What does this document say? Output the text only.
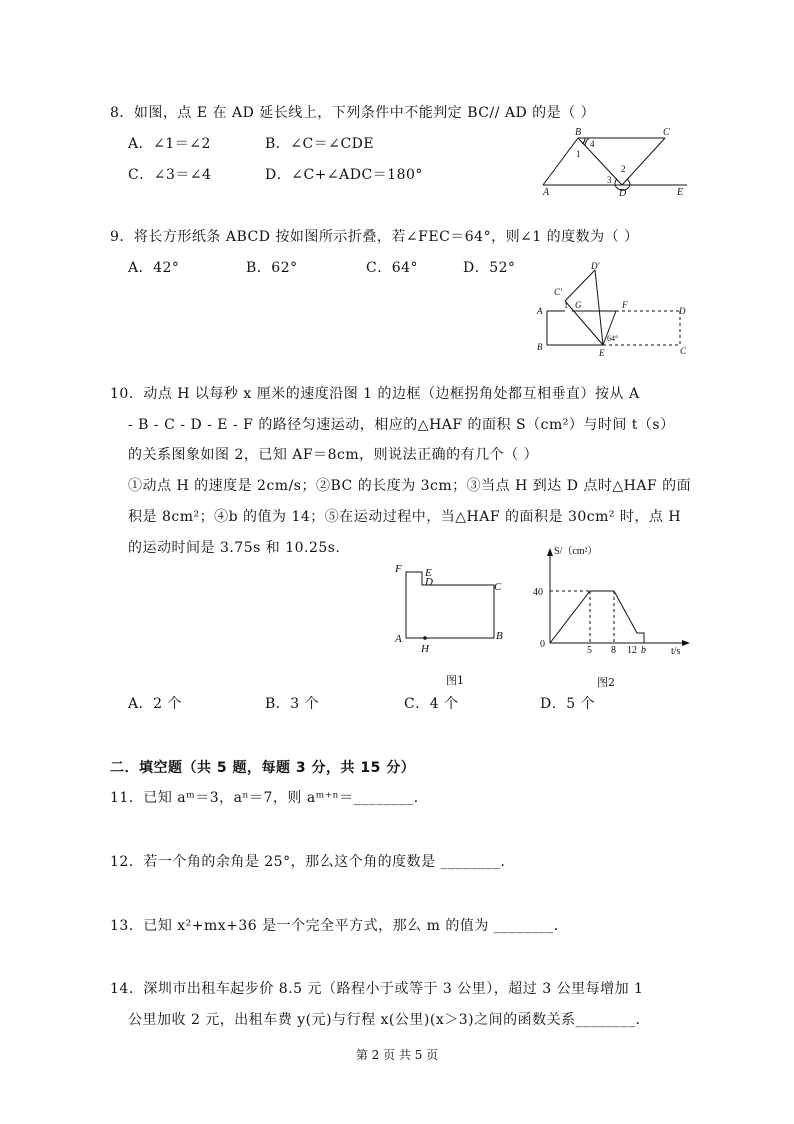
8．如图，点 E 在 AD 延长线上，下列条件中不能判定 BC// AD 的是（ ）
A．∠1＝∠2	B．∠C＝∠CDE
C．∠3＝∠4	D．∠C+∠ADC＝180°
B	C
A	D	E
1
4
2
3
9．将长方形纸条 ABCD 按如图所示折叠，若∠FEC＝64°，则∠1 的度数为（ ）
A．42°	B．62°	C．64°	D．52°
A
B	C
D
E
F
G
C′
D′
1
64°
10．动点 H 以每秒 x 厘米的速度沿图 1 的边框（边框拐角处都互相垂直）按从 A
- B - C - D - E - F 的路径匀速运动，相应的△HAF 的面积 S（cm²）与时间 t（s）
的关系图象如图 2，已知 AF＝8cm，则说法正确的有几个（ ）
①动点 H 的速度是 2cm/s；②BC 的长度为 3cm；③当点 H 到达 D 点时△HAF 的面
积是 8cm²；④b 的值为 14；⑤在运动过程中，当△HAF 的面积是 30cm² 时，点 H
的运动时间是 3.75s 和 10.25s.
F E
D	C
A	B
H
图1
S/（cm²）
40
0
5 8 12 b	t/s
图2
A．2 个	B．3 个	C．4 个	D．5 个
二．填空题（共 5 题，每题 3 分，共 15 分）
11．已知 aᵐ＝3，aⁿ＝7，则 aᵐ⁺ⁿ＝________．
12．若一个角的余角是 25°，那么这个角的度数是 ________．
13．已知 x²+mx+36 是一个完全平方式，那么 m 的值为 ________．
14．深圳市出租车起步价 8.5 元（路程小于或等于 3 公里），超过 3 公里每增加 1
公里加收 2 元，出租车费 y(元)与行程 x(公里)(x＞3)之间的函数关系________．
第 2 页 共 5 页
